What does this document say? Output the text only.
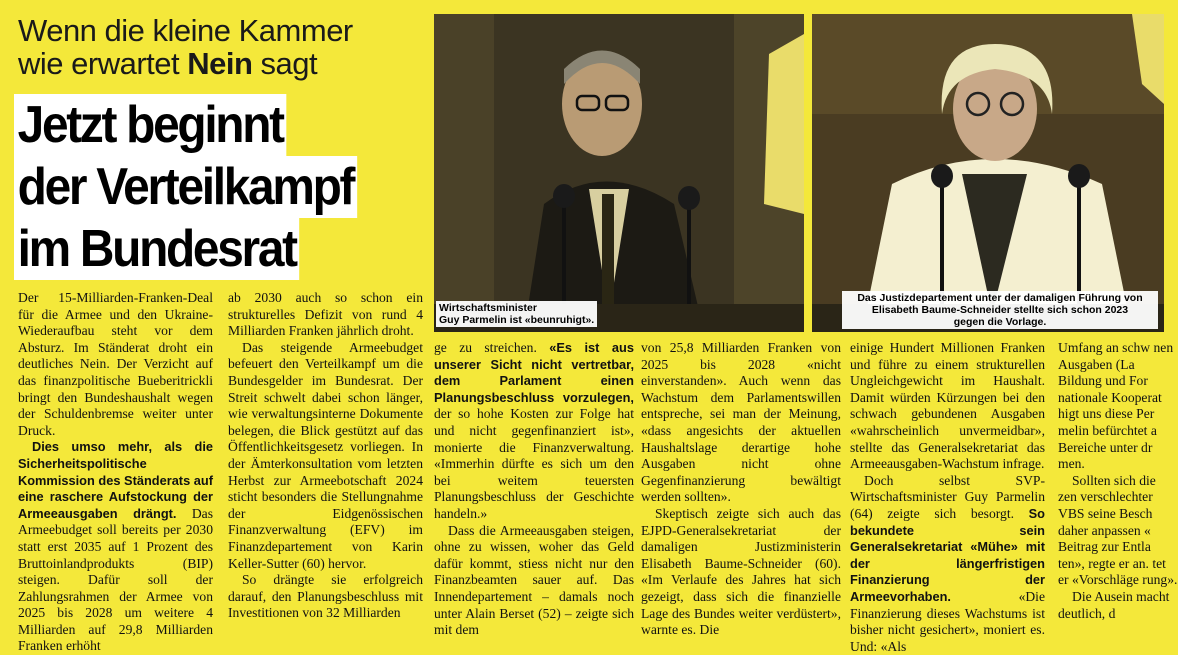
Wenn die kleine Kammer
wie erwartet Nein sagt
Jetzt beginnt
der Verteilkampf
im Bundesrat
Wirtschaftsminister
Guy Parmelin ist «beunruhigt».
Das Justizdepartement unter der damaligen Führung von
Elisabeth Baume-Schneider stellte sich schon 2023
gegen die Vorlage.

Der 15-Milliarden-Franken-Deal für die Armee und den Ukraine-Wiederaufbau steht vor dem Absturz. Im Ständerat droht ein deutliches Nein. Der Verzicht auf das finanzpolitische Bueberitrickli bringt den Bundeshaushalt wegen der Schuldenbremse weiter unter Druck.

Dies umso mehr, als die Sicherheitspolitische Kommission des Ständerats auf eine raschere Aufstockung der Armeeausgaben drängt. Das Armeebudget soll bereits per 2030 statt erst 2035 auf 1 Prozent des Bruttoinlandprodukts (BIP) steigen. Dafür soll der Zahlungsrahmen der Armee von 2025 bis 2028 um weitere 4 Milliarden auf 29,8 Milliarden Franken erhöht

ab 2030 auch so schon ein strukturelles Defizit von rund 4 Milliarden Franken jährlich droht.

Das steigende Armeebudget befeuert den Verteilkampf um die Bundesgelder im Bundesrat. Der Streit schwelt dabei schon länger, wie verwaltungsinterne Dokumente belegen, die Blick gestützt auf das Öffentlichkeitsgesetz vorliegen. In der Ämterkonsultation vom letzten Herbst zur Armeebotschaft 2024 sticht besonders die Stellungnahme der Eidgenössischen Finanzverwaltung (EFV) im Finanzdepartement von Karin Keller-Sutter (60) hervor.

So drängte sie erfolgreich darauf, den Planungsbeschluss mit Investitionen von 32 Milliarden

ge zu streichen. «Es ist aus unserer Sicht nicht vertretbar, dem Parlament einen Planungsbeschluss vorzulegen, der so hohe Kosten zur Folge hat und nicht gegenfinanziert ist», monierte die Finanzverwaltung. «Immerhin dürfte es sich um den bei weitem teuersten Planungsbeschluss der Geschichte handeln.»

Dass die Armeeausgaben steigen, ohne zu wissen, woher das Geld dafür kommt, stiess nicht nur den Finanzbeamten sauer auf. Das Innendepartement – damals noch unter Alain Berset (52) – zeigte sich mit dem

von 25,8 Milliarden Franken von 2025 bis 2028 «nicht einverstanden». Auch wenn das Wachstum dem Parlamentswillen entspreche, sei man der Meinung, «dass angesichts der aktuellen Haushaltslage derartige hohe Ausgaben nicht ohne Gegenfinanzierung bewältigt werden sollten».

Skeptisch zeigte sich auch das EJPD-Generalsekretariat der damaligen Justizministerin Elisabeth Baume-Schneider (60). «Im Verlaufe des Jahres hat sich gezeigt, dass sich die finanzielle Lage des Bundes weiter verdüstert», warnte es. Die

einige Hundert Millionen Franken und führe zu einem strukturellen Ungleichgewicht im Haushalt. Damit würden Kürzungen bei den schwach gebundenen Ausgaben «wahrscheinlich unvermeidbar», stellte das Generalsekretariat das Armeeausgaben-Wachstum infrage.

Doch selbst SVP-Wirtschaftsminister Guy Parmelin (64) zeigte sich besorgt. So bekundete sein Generalsekretariat «Mühe» mit der längerfristigen Finanzierung der Armeevorhaben. «Die Finanzierung dieses Wachstums ist bisher nicht gesichert», moniert es. Und: «Als

Umfang an schw nen Ausgaben (La Bildung und For nationale Kooperat higt uns diese Per melin befürchtet a Bereiche unter dr men.

Sollten sich die zen verschlechter VBS seine Besch daher anpassen « Beitrag zur Entla ten», regte er an. tet er «Vorschläge rung».

Die Ausein macht deutlich, d
